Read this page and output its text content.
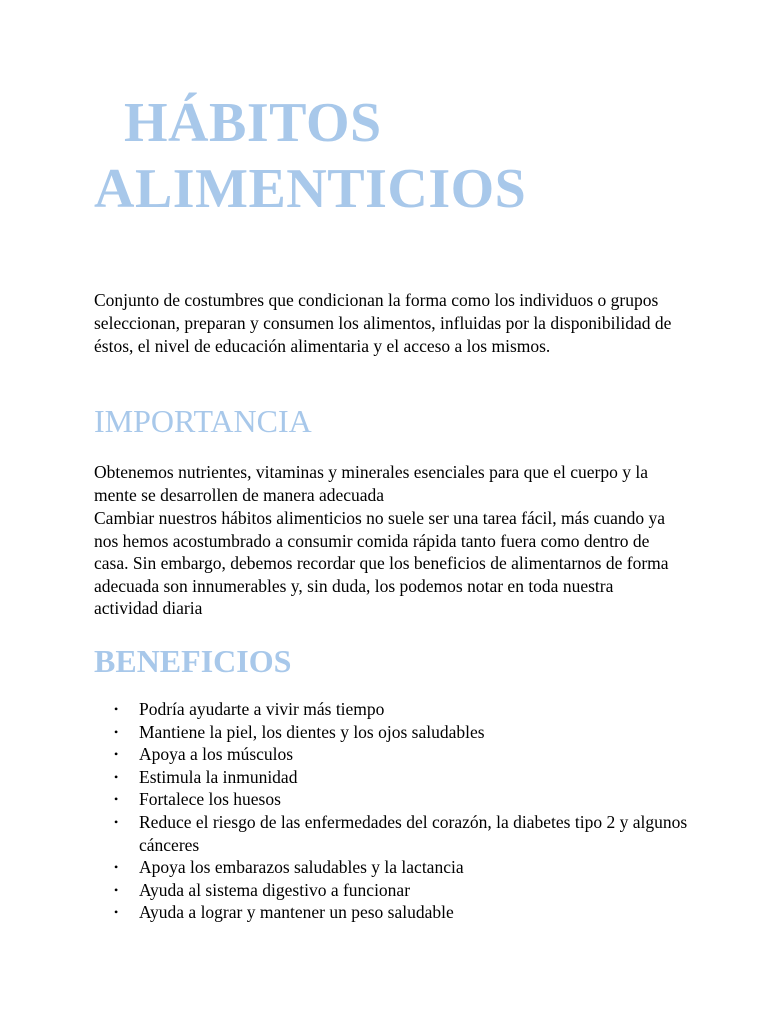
HÁBITOS
ALIMENTICIOS

Conjunto de costumbres que condicionan la forma como los individuos o grupos seleccionan, preparan y consumen los alimentos, influidas por la disponibilidad de éstos, el nivel de educación alimentaria y el acceso a los mismos.

IMPORTANCIA

Obtenemos nutrientes, vitaminas y minerales esenciales para que el cuerpo y la mente se desarrollen de manera adecuada

Cambiar nuestros hábitos alimenticios no suele ser una tarea fácil, más cuando ya nos hemos acostumbrado a consumir comida rápida tanto fuera como dentro de casa. Sin embargo, debemos recordar que los beneficios de alimentarnos de forma adecuada son innumerables y, sin duda, los podemos notar en toda nuestra actividad diaria

BENEFICIOS
• Podría ayudarte a vivir más tiempo
• Mantiene la piel, los dientes y los ojos saludables
• Apoya a los músculos
• Estimula la inmunidad
• Fortalece los huesos
• Reduce el riesgo de las enfermedades del corazón, la diabetes tipo 2 y algunos cánceres
• Apoya los embarazos saludables y la lactancia
• Ayuda al sistema digestivo a funcionar
• Ayuda a lograr y mantener un peso saludable
